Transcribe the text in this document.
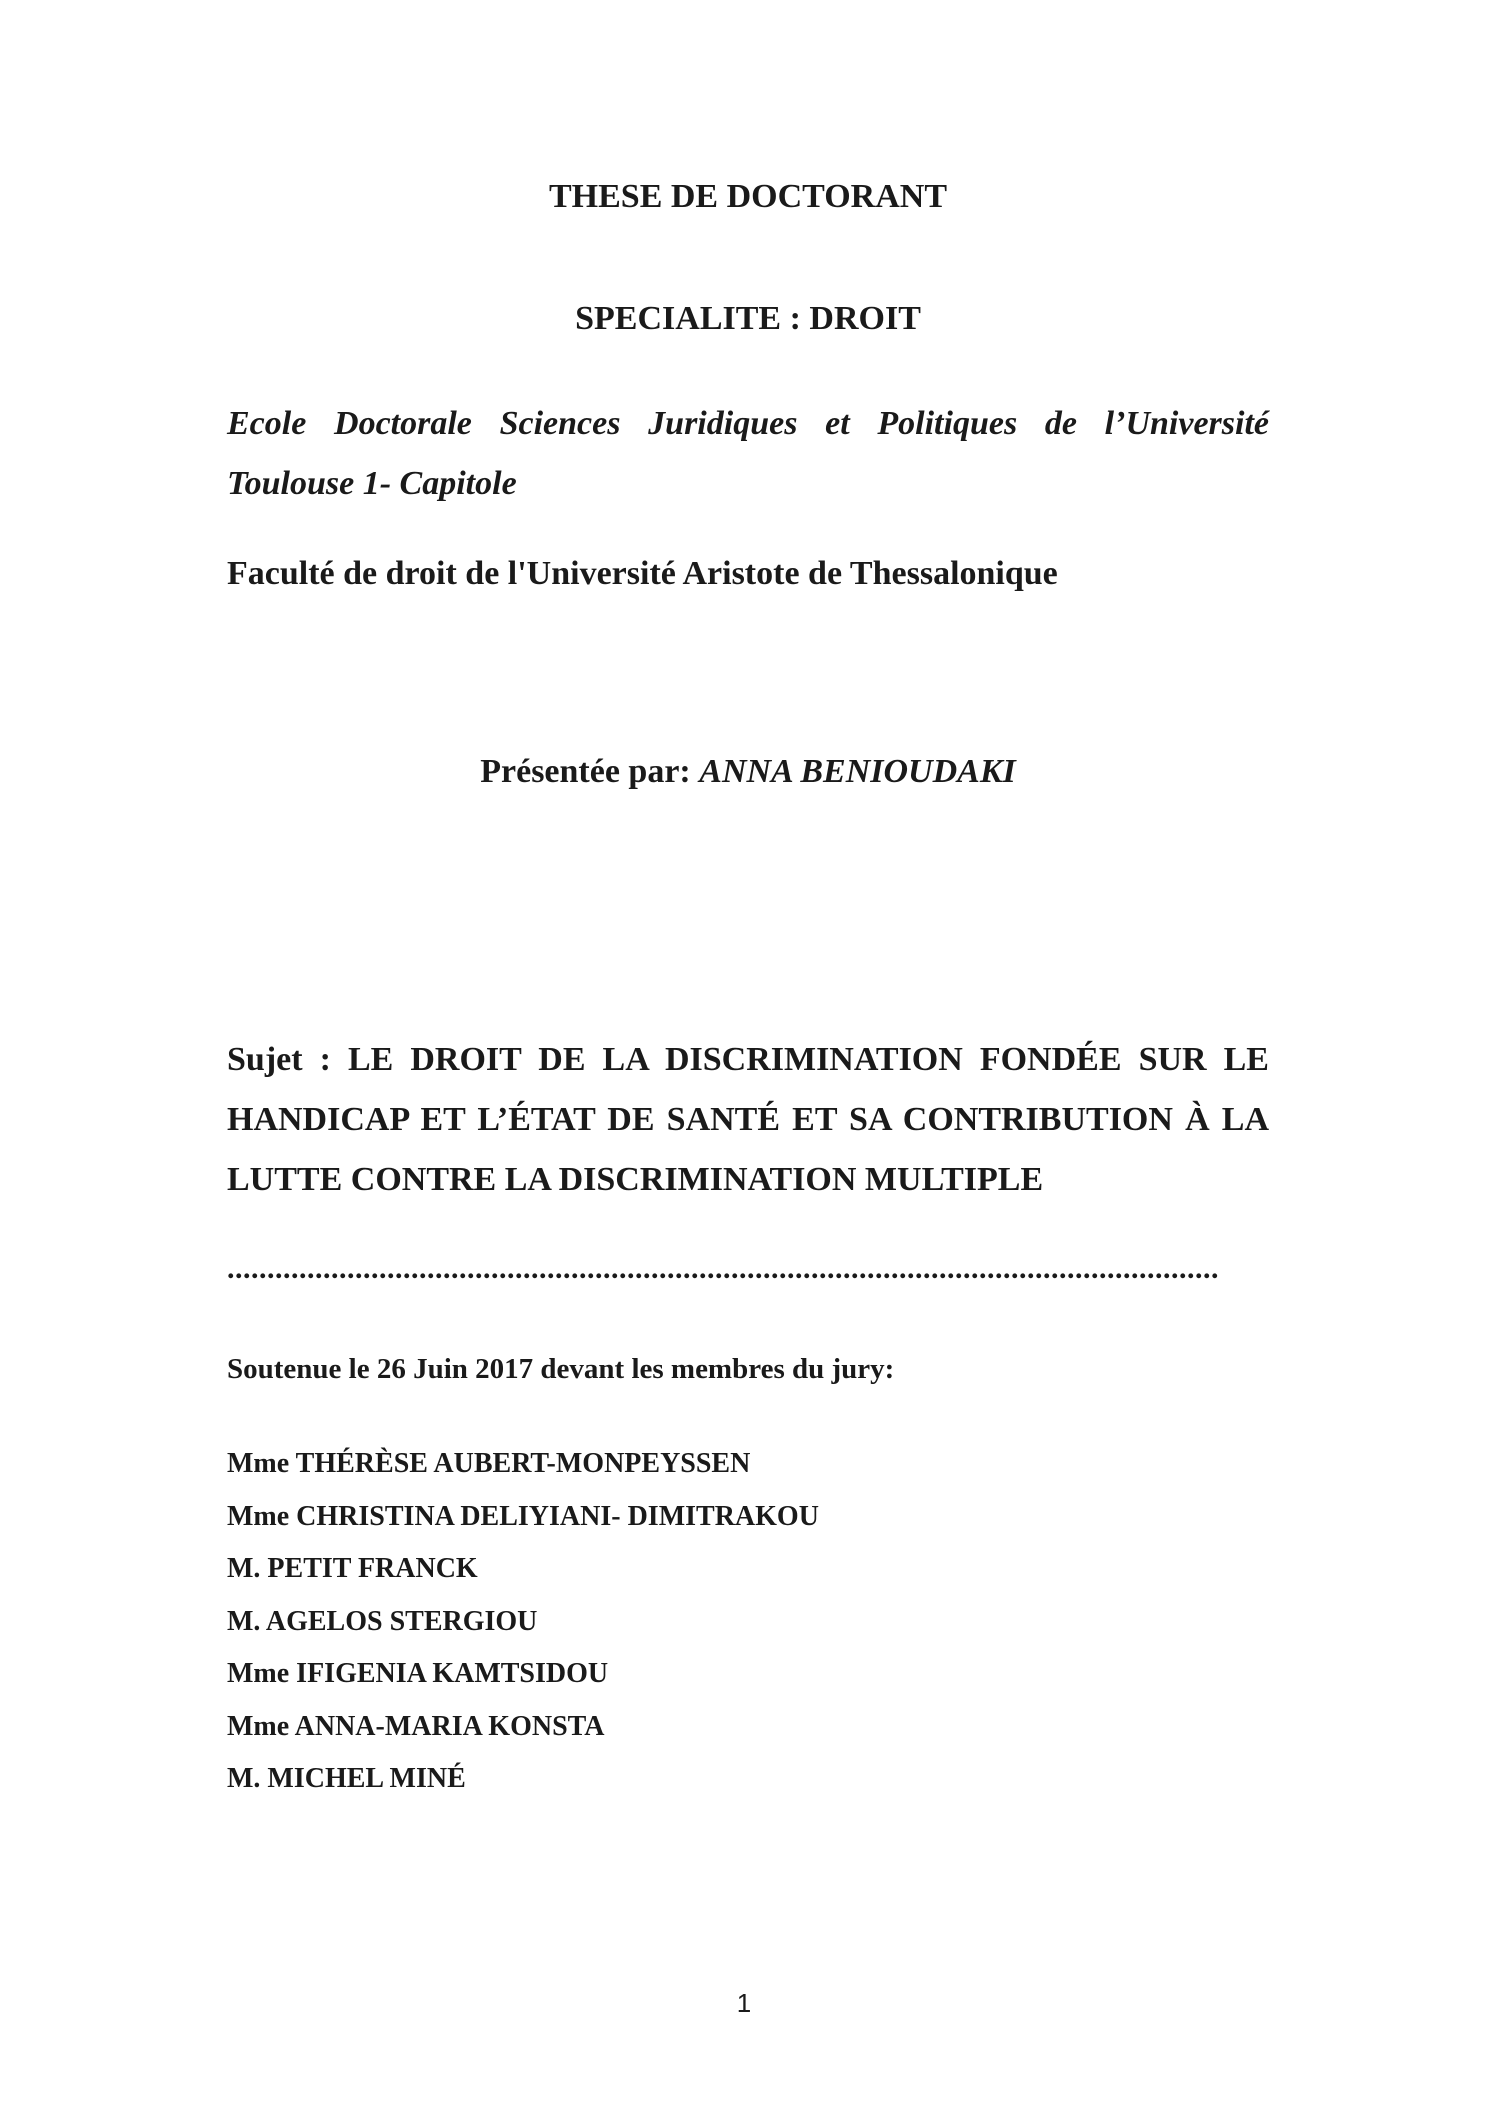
THESE DE DOCTORANT
SPECIALITE : DROIT
Ecole Doctorale Sciences Juridiques et Politiques de l’Université
Toulouse 1- Capitole
Faculté de droit de l'Université Aristote de Thessalonique
Présentée par: ANNA BENIOUDAKI
Sujet : LE DROIT DE LA DISCRIMINATION FONDÉE SUR LE
HANDICAP ET L’ÉTAT DE SANTÉ ET SA CONTRIBUTION À LA
LUTTE CONTRE LA DISCRIMINATION MULTIPLE
............................................................................................................................
Soutenue le 26 Juin 2017 devant les membres du jury:
Mme THÉRÈSE AUBERT-MONPEYSSEN
Mme CHRISTINA DELIYIANI- DIMITRAKOU
M. PETIT FRANCK
M. AGELOS STERGIOU
Mme IFIGENIA KAMTSIDOU
Mme ANNA-MARIA KONSTA
M. MICHEL MINÉ
1
